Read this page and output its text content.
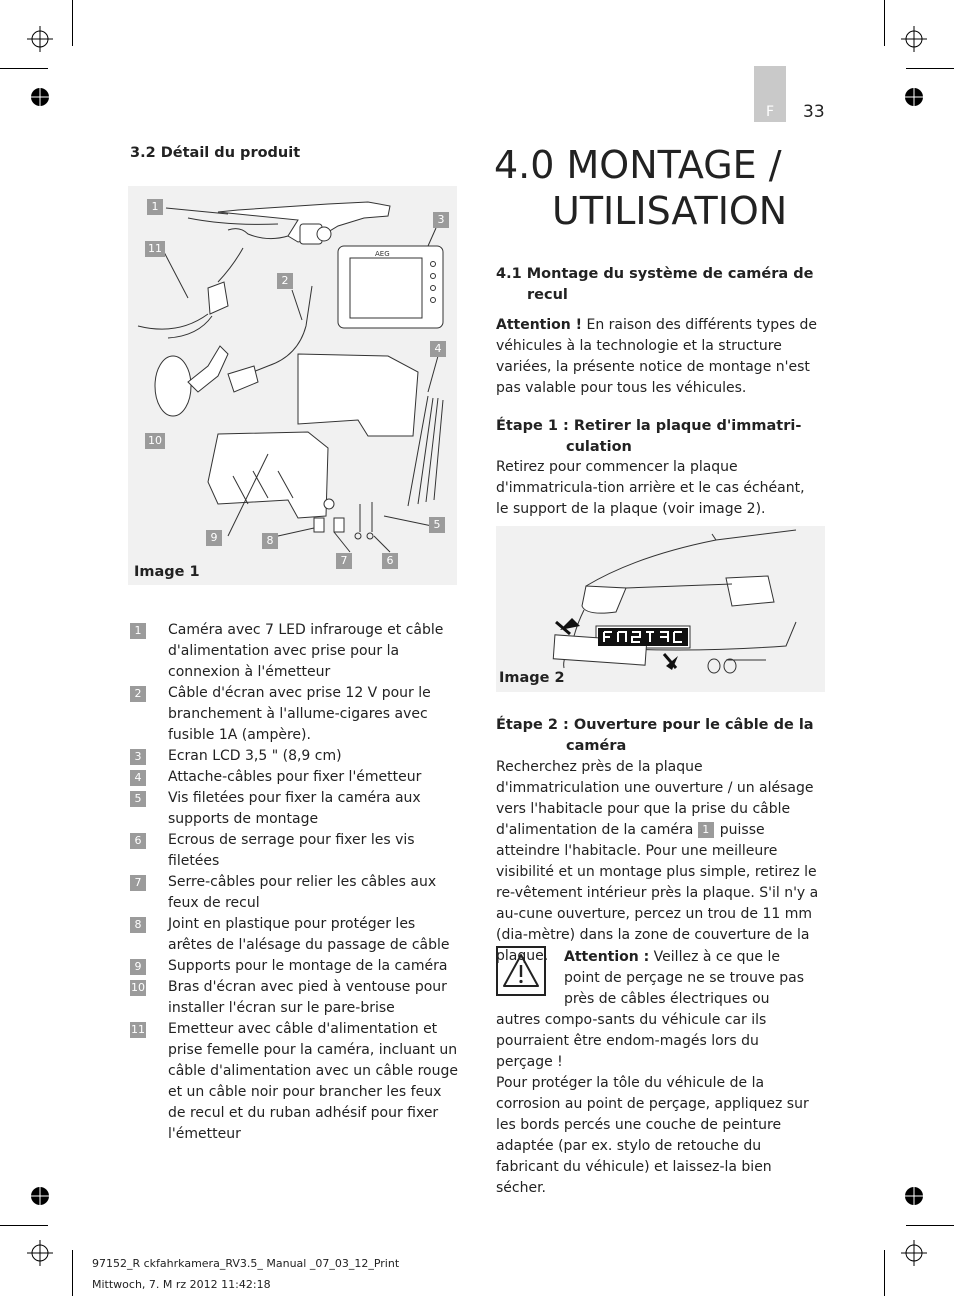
F	33
3.2 Détail du produit
AEG
1
11
3
2
4
10
9	8
5
7	6
Image 1
1	Caméra avec 7 LED infrarouge et câble d'alimentation avec prise pour la connexion à l'émetteur
2	Câble d'écran avec prise 12 V pour le branchement à l'allume-cigares avec fusible 1A (ampère).
3	Ecran LCD 3,5 " (8,9 cm)
4	Attache-câbles pour fixer l'émetteur
5	Vis filetées pour fixer la caméra aux supports de montage
6	Ecrous de serrage pour fixer les vis filetées
7	Serre-câbles pour relier les câbles aux feux de recul
8	Joint en plastique pour protéger les arêtes de l'alésage du passage de câble
9	Supports pour le montage de la caméra
10 Bras d'écran avec pied à ventouse pour installer l'écran sur le pare-brise
11 Emetteur avec câble d'alimentation et prise femelle pour la caméra, incluant un câble d'alimentation avec un câble rouge et un câble noir pour brancher les feux de recul et du ruban adhésif pour fixer l'émetteur
4.0 MONTAGE /
UTILISATION
4.1 Montage du système de caméra de
recul
Attention ! En raison des différents types de véhicules à la technologie et la structure variées, la présente notice de montage n'est pas valable pour tous les véhicules.
Étape 1 : Retirer la plaque d'immatri-
culation
Retirez pour commencer la plaque d'immatricula-tion arrière et le cas échéant, le support de la plaque (voir image 2).
Image 2
Étape 2 : Ouverture pour le câble de la
caméra
Recherchez près de la plaque d'immatriculation une ouverture / un alésage vers l'habitacle pour que la prise du câble d'alimentation de la caméra 1 puisse atteindre l'habitacle. Pour une meilleure visibilité et un montage plus simple, retirez le re-vêtement intérieur près la plaque. S'il n'y a au-cune ouverture, percez un trou de 11 mm (dia-mètre) dans la zone de couverture de la plaque.	Attention : Veillez à ce que le point de perçage ne se trouve pas près de câbles électriques ou autres compo-sants du véhicule car ils pourraient être endom-magés lors du perçage !
Pour protéger la tôle du véhicule de la corrosion au point de perçage, appliquez sur les bords percés une couche de peinture adaptée (par ex. stylo de retouche du fabricant du véhicule) et laissez-la bien sécher.
97152_R ckfahrkamera_RV3.5_ Manual _07_03_12_Print
Mittwoch, 7. M rz 2012 11:42:18
